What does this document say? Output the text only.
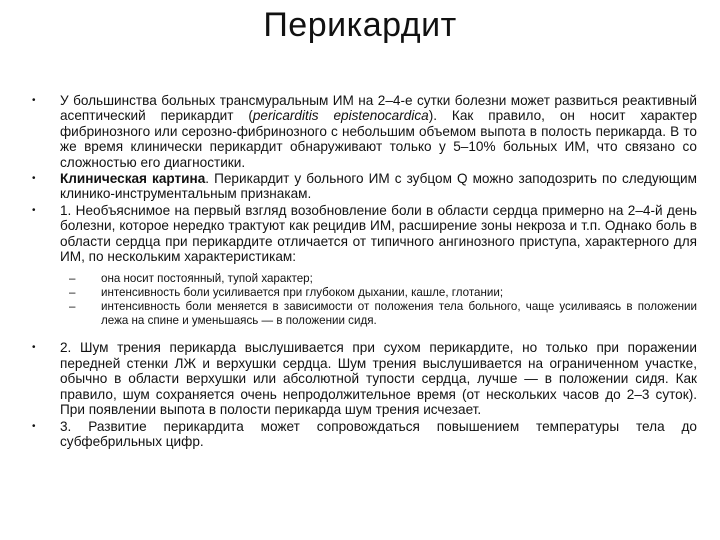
Перикардит
• У большинства больных трансмуральным ИМ на 2–4-е сутки болезни может развиться реактивный асептический перикардит (pericarditis epistenocardica). Как правило, он носит характер фибринозного или серозно-фибринозного с небольшим объемом выпота в полость перикарда. В то же время клинически перикардит обнаруживают только у 5–10% больных ИМ, что связано со сложностью его диагностики.
• Клиническая картина. Перикардит у больного ИМ с зубцом Q можно заподозрить по следующим клинико-инструментальным признакам.
• 1. Необъяснимое на первый взгляд возобновление боли в области сердца примерно на 2–4-й день болезни, которое нередко трактуют как рецидив ИМ, расширение зоны некроза и т.п. Однако боль в области сердца при перикардите отличается от типичного ангинозного приступа, характерного для ИМ, по нескольким характеристикам:
– она носит постоянный, тупой характер;
– интенсивность боли усиливается при глубоком дыхании, кашле, глотании;
– интенсивность боли меняется в зависимости от положения тела больного, чаще усиливаясь в положении лежа на спине и уменьшаясь — в положении сидя.
• 2. Шум трения перикарда выслушивается при сухом перикардите, но только при поражении передней стенки ЛЖ и верхушки сердца. Шум трения выслушивается на ограниченном участке, обычно в области верхушки или абсолютной тупости сердца, лучше — в положении сидя. Как правило, шум сохраняется очень непродолжительное время (от нескольких часов до 2–3 суток). При появлении выпота в полости перикарда шум трения исчезает.
• 3. Развитие перикардита может сопровождаться повышением температуры тела до субфебрильных цифр.
